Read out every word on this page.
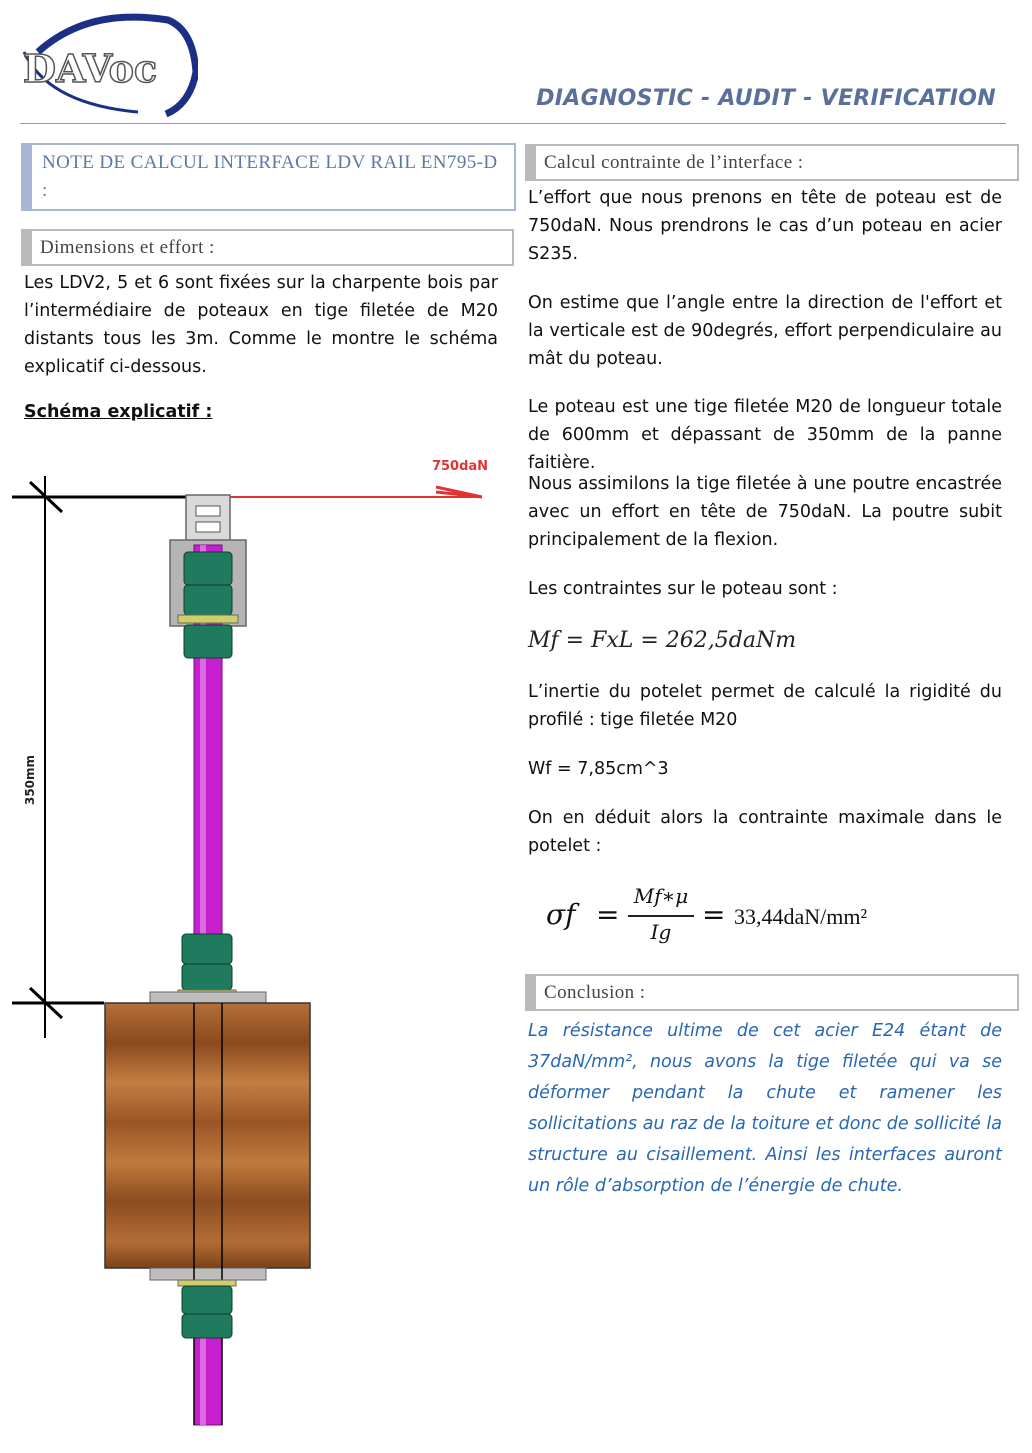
DAVoc
DIAGNOSTIC - AUDIT - VERIFICATION
NOTE DE CALCUL INTERFACE LDV RAIL EN795-D :
Dimensions et effort :
Les LDV2, 5 et 6 sont fixées sur la charpente bois par l’intermédiaire de poteaux en tige filetée de M20 distants tous les 3m. Comme le montre le schéma explicatif ci-dessous.
Schéma explicatif :
350mm
750daN
Calcul contrainte de l’interface :
L’effort que nous prenons en tête de poteau est de 750daN. Nous prendrons le cas d’un poteau en acier S235.
On estime que l’angle entre la direction de l'effort et la verticale est de 90degrés, effort perpendiculaire au mât du poteau.
Le poteau est une tige filetée M20 de longueur totale de 600mm et dépassant de 350mm de la panne faitière.
Nous assimilons la tige filetée à une poutre encastrée avec un effort en tête de 750daN. La poutre subit principalement de la flexion.
Les contraintes sur le poteau sont :
Mf = FxL = 262,5daNm
L’inertie du potelet permet de calculé la rigidité du profilé : tige filetée M20
Wf = 7,85cm^3
On en déduit alors la contrainte maximale dans le potelet :
σf =
Mf∗μ
Ig
= 33,44daN/mm²
Conclusion :
La résistance ultime de cet acier E24 étant de 37daN/mm², nous avons la tige filetée qui va se déformer pendant la chute et ramener les sollicitations au raz de la toiture et donc de sollicité la structure au cisaillement. Ainsi les interfaces auront un rôle d’absorption de l’énergie de chute.
